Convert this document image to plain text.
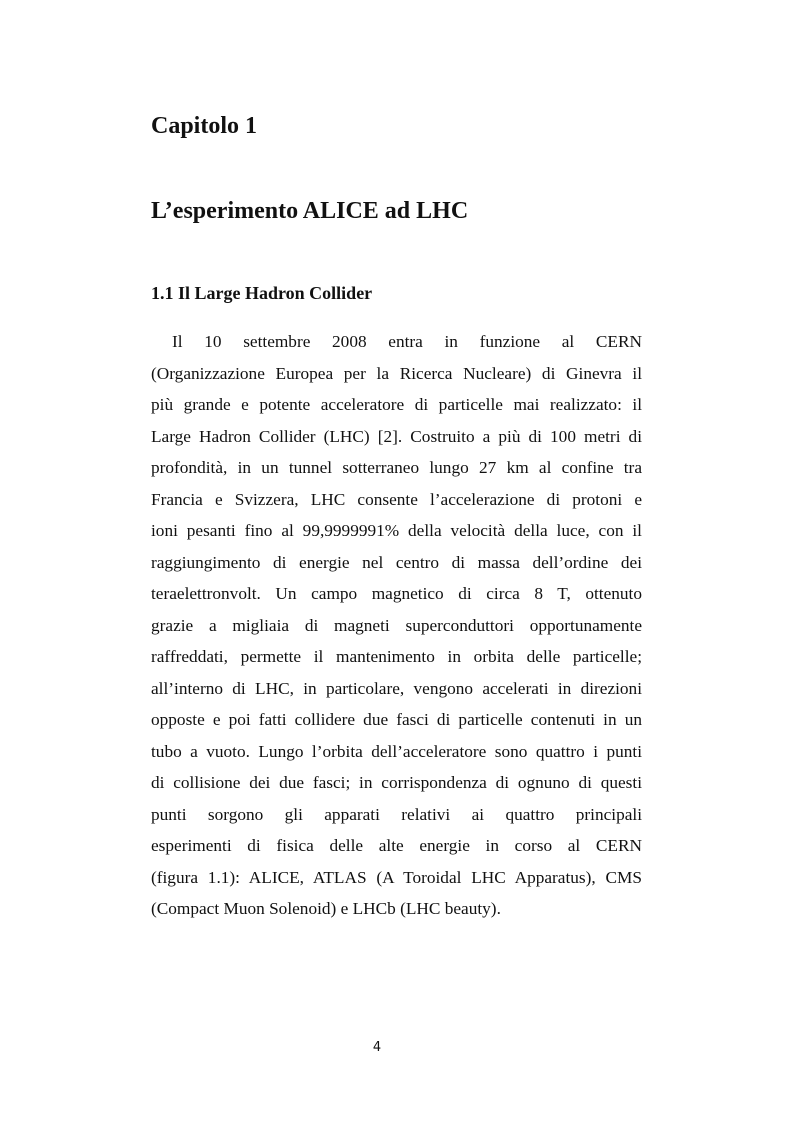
Capitolo 1
L’esperimento ALICE ad LHC
1.1 Il Large Hadron Collider
Il 10 settembre 2008 entra in funzione al CERN
(Organizzazione Europea per la Ricerca Nucleare) di Ginevra il
più grande e potente acceleratore di particelle mai realizzato: il
Large Hadron Collider (LHC) [2]. Costruito a più di 100 metri di
profondità, in un tunnel sotterraneo lungo 27 km al confine tra
Francia e Svizzera, LHC consente l’accelerazione di protoni e
ioni pesanti fino al 99,9999991% della velocità della luce, con il
raggiungimento di energie nel centro di massa dell’ordine dei
teraelettronvolt. Un campo magnetico di circa 8 T, ottenuto
grazie a migliaia di magneti superconduttori opportunamente
raffreddati, permette il mantenimento in orbita delle particelle;
all’interno di LHC, in particolare, vengono accelerati in direzioni
opposte e poi fatti collidere due fasci di particelle contenuti in un
tubo a vuoto. Lungo l’orbita dell’acceleratore sono quattro i punti
di collisione dei due fasci; in corrispondenza di ognuno di questi
punti sorgono gli apparati relativi ai quattro principali
esperimenti di fisica delle alte energie in corso al CERN
(figura 1.1): ALICE, ATLAS (A Toroidal LHC Apparatus), CMS
(Compact Muon Solenoid) e LHCb (LHC beauty).
4
